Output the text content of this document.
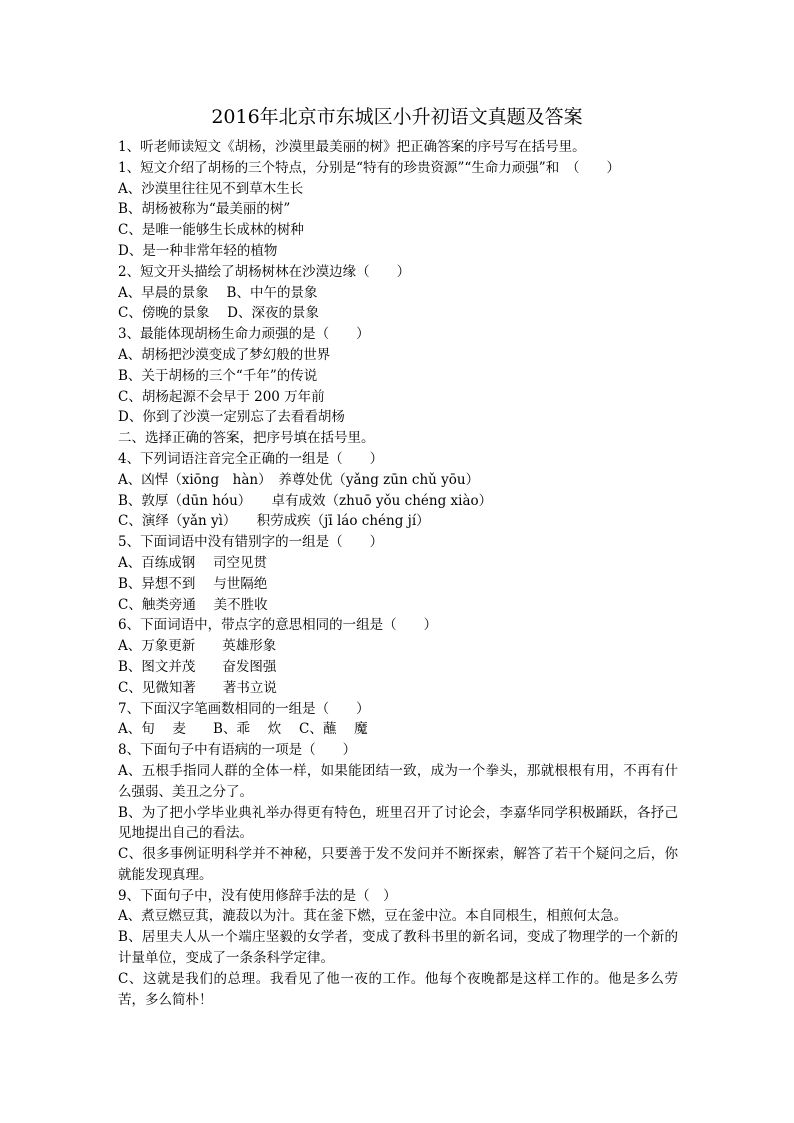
2016年北京市东城区小升初语文真题及答案
1、听老师读短文《胡杨，沙漠里最美丽的树》把正确答案的序号写在括号里。
1、短文介绍了胡杨的三个特点，分别是“特有的珍贵资源”“生命力顽强”和　（　　）
A、沙漠里往往见不到草木生长
B、胡杨被称为“最美丽的树”
C、是唯一能够生长成林的树种
D、是一种非常年轻的植物
2、短文开头描绘了胡杨树林在沙漠边缘（　　）
A、早晨的景象　 B、中午的景象
C、傍晚的景象　 D、深夜的景象
3、最能体现胡杨生命力顽强的是（　　）
A、胡杨把沙漠变成了梦幻般的世界
B、关于胡杨的三个“千年”的传说
C、胡杨起源不会早于 200 万年前
D、你到了沙漠一定别忘了去看看胡杨
二、选择正确的答案，把序号填在括号里。
4、下列词语注音完全正确的一组是（　　）
A、凶悍（xiōng　hàn）　养尊处优（yǎng zūn chǔ yōu）
B、敦厚（dūn hóu）　　卓有成效（zhuō yǒu chéng xiào）
C、演绎（yǎn yì）　　积劳成疾（jī láo chéng jí）
5、下面词语中没有错别字的一组是（　　）
A、百练成钢　 司空见贯
B、异想不到　 与世隔绝
C、触类旁通　 美不胜收
6、下面词语中，带点字的意思相同的一组是（　　）
A、万象更新　　英雄形象
B、图文并茂　　奋发图强
C、见微知著　　著书立说
7、下面汉字笔画数相同的一组是（　　）
A、旬　 麦　　B、乖　 炊　 C、蘸　 魔
8、下面句子中有语病的一项是（　　）
A、五根手指同人群的全体一样，如果能团结一致，成为一个拳头，那就根根有用，不再有什么强弱、美丑之分了。
B、为了把小学毕业典礼举办得更有特色，班里召开了讨论会，李嘉华同学积极踊跃，各抒己见地提出自己的看法。
C、很多事例证明科学并不神秘，只要善于发不发问并不断探索，解答了若干个疑问之后，你就能发现真理。
9、下面句子中，没有使用修辞手法的是（　）
A、煮豆燃豆萁，漉菽以为汁。萁在釜下燃，豆在釜中泣。本自同根生，相煎何太急。
B、居里夫人从一个端庄坚毅的女学者，变成了教科书里的新名词，变成了物理学的一个新的计量单位，变成了一条条科学定律。
C、这就是我们的总理。我看见了他一夜的工作。他每个夜晚都是这样工作的。他是多么劳苦，多么简朴！
